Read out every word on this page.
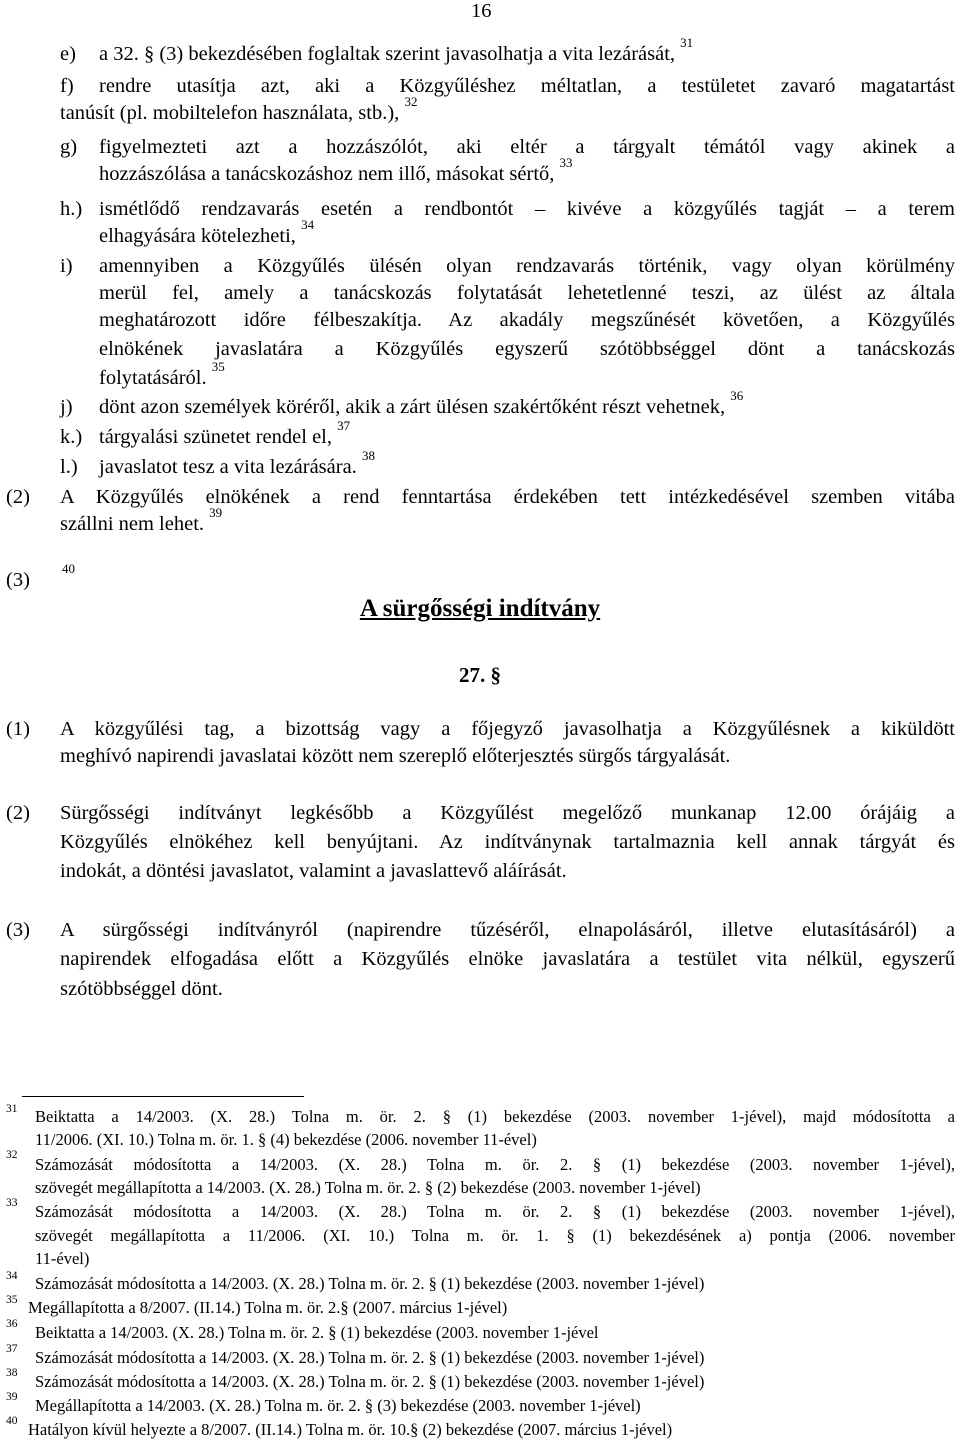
16
e) a 32. § (3) bekezdésében foglaltak szerint javasolhatja a vita lezárását, $^{31}$
f) rendre utasítja azt, aki a Közgyűléshez méltatlan, a testületet zavaró magatartást
tanúsít (pl. mobiltelefon használata, stb.), $^{32}$
g) figyelmezteti azt a hozzászólót, aki eltér a tárgyalt témától vagy akinek a
hozzászólása a tanácskozáshoz nem illő, másokat sértő, $^{33}$
h.) ismétlődő rendzavarás esetén a rendbontót – kivéve a közgyűlés tagját – a terem
elhagyására kötelezheti, $^{34}$
i) amennyiben a Közgyűlés ülésén olyan rendzavarás történik, vagy olyan körülmény
merül fel, amely a tanácskozás folytatását lehetetlenné teszi, az ülést az általa
meghatározott időre félbeszakítja. Az akadály megszűnését követően, a Közgyűlés
elnökének javaslatára a Közgyűlés egyszerű szótöbbséggel dönt a tanácskozás
folytatásáról. $^{35}$
j) dönt azon személyek köréről, akik a zárt ülésen szakértőként részt vehetnek, $^{36}$
k.) tárgyalási szünetet rendel el, $^{37}$
l.) javaslatot tesz a vita lezárására. $^{38}$
(2) A Közgyűlés elnökének a rend fenntartása érdekében tett intézkedésével szemben vitába
szállni nem lehet. $^{39}$
(3)
40
A sürgősségi indítvány
27. §
(1) A közgyűlési tag, a bizottság vagy a főjegyző javasolhatja a Közgyűlésnek a kiküldött
meghívó napirendi javaslatai között nem szereplő előterjesztés sürgős tárgyalását.
(2) Sürgősségi indítványt legkésőbb a Közgyűlést megelőző munkanap 12.00 órájáig a
Közgyűlés elnökéhez kell benyújtani. Az indítványnak tartalmaznia kell annak tárgyát és
indokát, a döntési javaslatot, valamint a javaslattevő aláírását.
(3) A sürgősségi indítványról (napirendre tűzéséről, elnapolásáról, illetve elutasításáról) a
napirendek elfogadása előtt a Közgyűlés elnöke javaslatára a testület vita nélkül, egyszerű
szótöbbséggel dönt.
31 Beiktatta a 14/2003. (X. 28.) Tolna m. ör. 2. § (1) bekezdése (2003. november 1-jével), majd módosította a
11/2006. (XI. 10.) Tolna m. ör. 1. § (4) bekezdése (2006. november 11-ével)
32 Számozását módosította a 14/2003. (X. 28.) Tolna m. ör. 2. § (1) bekezdése (2003. november 1-jével),
szövegét megállapította a 14/2003. (X. 28.) Tolna m. ör. 2. § (2) bekezdése (2003. november 1-jével)
33 Számozását módosította a 14/2003. (X. 28.) Tolna m. ör. 2. § (1) bekezdése (2003. november 1-jével),
szövegét megállapította a 11/2006. (XI. 10.) Tolna m. ör. 1. § (1) bekezdésének a) pontja (2006. november
11-ével)
34 Számozását módosította a 14/2003. (X. 28.) Tolna m. ör. 2. § (1) bekezdése (2003. november 1-jével)
35 Megállapította a 8/2007. (II.14.) Tolna m. ör. 2.§ (2007. március 1-jével)
36 Beiktatta a 14/2003. (X. 28.) Tolna m. ör. 2. § (1) bekezdése (2003. november 1-jével
37 Számozását módosította a 14/2003. (X. 28.) Tolna m. ör. 2. § (1) bekezdése (2003. november 1-jével)
38 Számozását módosította a 14/2003. (X. 28.) Tolna m. ör. 2. § (1) bekezdése (2003. november 1-jével)
39 Megállapította a 14/2003. (X. 28.) Tolna m. ör. 2. § (3) bekezdése (2003. november 1-jével)
40 Hatályon kívül helyezte a 8/2007. (II.14.) Tolna m. ör. 10.§ (2) bekezdése (2007. március 1-jével)
